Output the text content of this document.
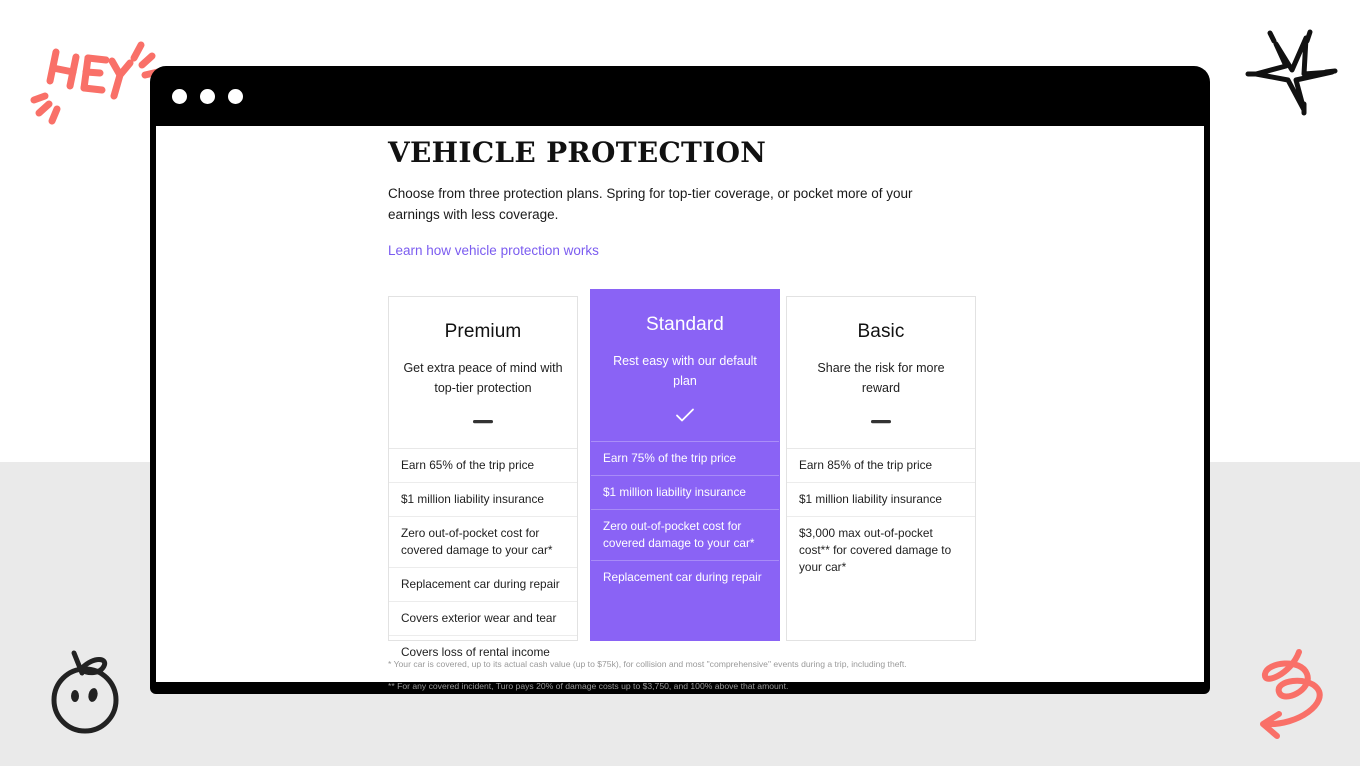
VEHICLE PROTECTION

Choose from three protection plans. Spring for top-tier coverage, or pocket more of your earnings with less coverage.

Learn how vehicle protection works
Premium
Get extra peace of mind with top-tier protection
Earn 65% of the trip price
$1 million liability insurance
Zero out-of-pocket cost for covered damage to your car*
Replacement car during repair
Covers exterior wear and tear
Covers loss of rental income
Standard
Rest easy with our default plan
Earn 75% of the trip price
$1 million liability insurance
Zero out-of-pocket cost for covered damage to your car*
Replacement car during repair
Basic
Share the risk for more reward
Earn 85% of the trip price
$1 million liability insurance
$3,000 max out-of-pocket cost** for covered damage to your car*
* Your car is covered, up to its actual cash value (up to $75k), for collision and most "comprehensive" events during a trip, including theft.
** For any covered incident, Turo pays 20% of damage costs up to $3,750, and 100% above that amount.
